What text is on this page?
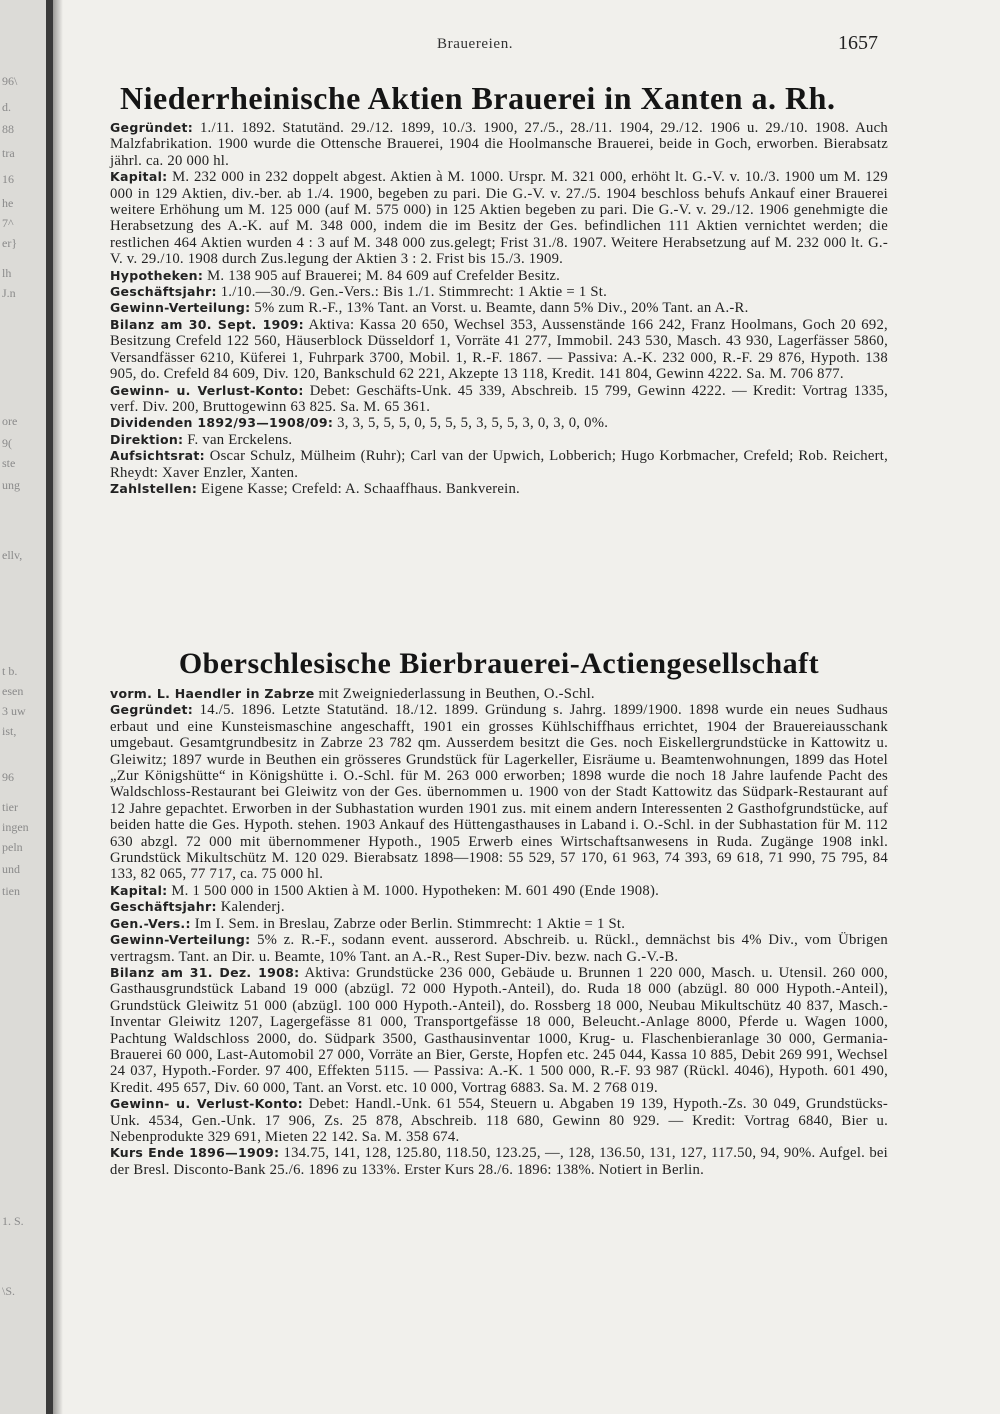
96\
d.
88
tra
16
he
7^
er}
lh
J.n
ore
9(
ste
ung
ellv,
t b.
esen
3 uw
ist,
96
tier
ingen
peln
und
tien
1. S.
\S.
Brauereien.	1657
Niederrheinische Aktien Brauerei in Xanten a. Rh.

Gegründet: 1./11. 1892. Statutänd. 29./12. 1899, 10./3. 1900, 27./5., 28./11. 1904, 29./12. 1906 u. 29./10. 1908. Auch Malzfabrikation. 1900 wurde die Ottensche Brauerei, 1904 die Hoolmansche Brauerei, beide in Goch, erworben. Bierabsatz jährl. ca. 20 000 hl.

Kapital: M. 232 000 in 232 doppelt abgest. Aktien à M. 1000. Urspr. M. 321 000, erhöht lt. G.-V. v. 10./3. 1900 um M. 129 000 in 129 Aktien, div.-ber. ab 1./4. 1900, begeben zu pari. Die G.-V. v. 27./5. 1904 beschloss behufs Ankauf einer Brauerei weitere Erhöhung um M. 125 000 (auf M. 575 000) in 125 Aktien begeben zu pari. Die G.-V. v. 29./12. 1906 genehmigte die Herabsetzung des A.-K. auf M. 348 000, indem die im Besitz der Ges. befindlichen 111 Aktien vernichtet werden; die restlichen 464 Aktien wurden 4 : 3 auf M. 348 000 zus.gelegt; Frist 31./8. 1907. Weitere Herabsetzung auf M. 232 000 lt. G.-V. v. 29./10. 1908 durch Zus.legung der Aktien 3 : 2. Frist bis 15./3. 1909.

Hypotheken: M. 138 905 auf Brauerei; M. 84 609 auf Crefelder Besitz.

Geschäftsjahr: 1./10.—30./9. Gen.-Vers.: Bis 1./1. Stimmrecht: 1 Aktie = 1 St.

Gewinn-Verteilung: 5% zum R.-F., 13% Tant. an Vorst. u. Beamte, dann 5% Div., 20% Tant. an A.-R.

Bilanz am 30. Sept. 1909: Aktiva: Kassa 20 650, Wechsel 353, Aussenstände 166 242, Franz Hoolmans, Goch 20 692, Besitzung Crefeld 122 560, Häuserblock Düsseldorf 1, Vorräte 41 277, Immobil. 243 530, Masch. 43 930, Lagerfässer 5860, Versandfässer 6210, Küferei 1, Fuhrpark 3700, Mobil. 1, R.-F. 1867. — Passiva: A.-K. 232 000, R.-F. 29 876, Hypoth. 138 905, do. Crefeld 84 609, Div. 120, Bankschuld 62 221, Akzepte 13 118, Kredit. 141 804, Gewinn 4222. Sa. M. 706 877.

Gewinn- u. Verlust-Konto: Debet: Geschäfts-Unk. 45 339, Abschreib. 15 799, Gewinn 4222. — Kredit: Vortrag 1335, verf. Div. 200, Bruttogewinn 63 825. Sa. M. 65 361.

Dividenden 1892/93—1908/09: 3, 3, 5, 5, 5, 0, 5, 5, 5, 3, 5, 5, 3, 0, 3, 0, 0%.

Direktion: F. van Erckelens.

Aufsichtsrat: Oscar Schulz, Mülheim (Ruhr); Carl van der Upwich, Lobberich; Hugo Korbmacher, Crefeld; Rob. Reichert, Rheydt: Xaver Enzler, Xanten.

Zahlstellen: Eigene Kasse; Crefeld: A. Schaaffhaus. Bankverein.

Oberschlesische Bierbrauerei-Actiengesellschaft

vorm. L. Haendler in Zabrze mit Zweigniederlassung in Beuthen, O.-Schl.

Gegründet: 14./5. 1896. Letzte Statutänd. 18./12. 1899. Gründung s. Jahrg. 1899/1900. 1898 wurde ein neues Sudhaus erbaut und eine Kunsteismaschine angeschafft, 1901 ein grosses Kühlschiffhaus errichtet, 1904 der Brauereiausschank umgebaut. Gesamtgrundbesitz in Zabrze 23 782 qm. Ausserdem besitzt die Ges. noch Eiskellergrundstücke in Kattowitz u. Gleiwitz; 1897 wurde in Beuthen ein grösseres Grundstück für Lagerkeller, Eisräume u. Beamtenwohnungen, 1899 das Hotel „Zur Königshütte“ in Königshütte i. O.-Schl. für M. 263 000 erworben; 1898 wurde die noch 18 Jahre laufende Pacht des Waldschloss-Restaurant bei Gleiwitz von der Ges. übernommen u. 1900 von der Stadt Kattowitz das Südpark-Restaurant auf 12 Jahre gepachtet. Erworben in der Subhastation wurden 1901 zus. mit einem andern Interessenten 2 Gasthofgrundstücke, auf beiden hatte die Ges. Hypoth. stehen. 1903 Ankauf des Hüttengasthauses in Laband i. O.-Schl. in der Subhastation für M. 112 630 abzgl. 72 000 mit übernommener Hypoth., 1905 Erwerb eines Wirtschaftsanwesens in Ruda. Zugänge 1908 inkl. Grundstück Mikultschütz M. 120 029. Bierabsatz 1898—1908: 55 529, 57 170, 61 963, 74 393, 69 618, 71 990, 75 795, 84 133, 82 065, 77 717, ca. 75 000 hl.

Kapital: M. 1 500 000 in 1500 Aktien à M. 1000. Hypotheken: M. 601 490 (Ende 1908).

Geschäftsjahr: Kalenderj.

Gen.-Vers.: Im I. Sem. in Breslau, Zabrze oder Berlin. Stimmrecht: 1 Aktie = 1 St.

Gewinn-Verteilung: 5% z. R.-F., sodann event. ausserord. Abschreib. u. Rückl., demnächst bis 4% Div., vom Übrigen vertragsm. Tant. an Dir. u. Beamte, 10% Tant. an A.-R., Rest Super-Div. bezw. nach G.-V.-B.

Bilanz am 31. Dez. 1908: Aktiva: Grundstücke 236 000, Gebäude u. Brunnen 1 220 000, Masch. u. Utensil. 260 000, Gasthausgrundstück Laband 19 000 (abzügl. 72 000 Hypoth.-Anteil), do. Ruda 18 000 (abzügl. 80 000 Hypoth.-Anteil), Grundstück Gleiwitz 51 000 (abzügl. 100 000 Hypoth.-Anteil), do. Rossberg 18 000, Neubau Mikultschütz 40 837, Masch.-Inventar Gleiwitz 1207, Lagergefässe 81 000, Transportgefässe 18 000, Beleucht.-Anlage 8000, Pferde u. Wagen 1000, Pachtung Waldschloss 2000, do. Südpark 3500, Gasthausinventar 1000, Krug- u. Flaschenbieranlage 30 000, Germania-Brauerei 60 000, Last-Automobil 27 000, Vorräte an Bier, Gerste, Hopfen etc. 245 044, Kassa 10 885, Debit 269 991, Wechsel 24 037, Hypoth.-Forder. 97 400, Effekten 5115. — Passiva: A.-K. 1 500 000, R.-F. 93 987 (Rückl. 4046), Hypoth. 601 490, Kredit. 495 657, Div. 60 000, Tant. an Vorst. etc. 10 000, Vortrag 6883. Sa. M. 2 768 019.

Gewinn- u. Verlust-Konto: Debet: Handl.-Unk. 61 554, Steuern u. Abgaben 19 139, Hypoth.-Zs. 30 049, Grundstücks-Unk. 4534, Gen.-Unk. 17 906, Zs. 25 878, Abschreib. 118 680, Gewinn 80 929. — Kredit: Vortrag 6840, Bier u. Nebenprodukte 329 691, Mieten 22 142. Sa. M. 358 674.

Kurs Ende 1896—1909: 134.75, 141, 128, 125.80, 118.50, 123.25, —, 128, 136.50, 131, 127, 117.50, 94, 90%. Aufgel. bei der Bresl. Disconto-Bank 25./6. 1896 zu 133%. Erster Kurs 28./6. 1896: 138%. Notiert in Berlin.
